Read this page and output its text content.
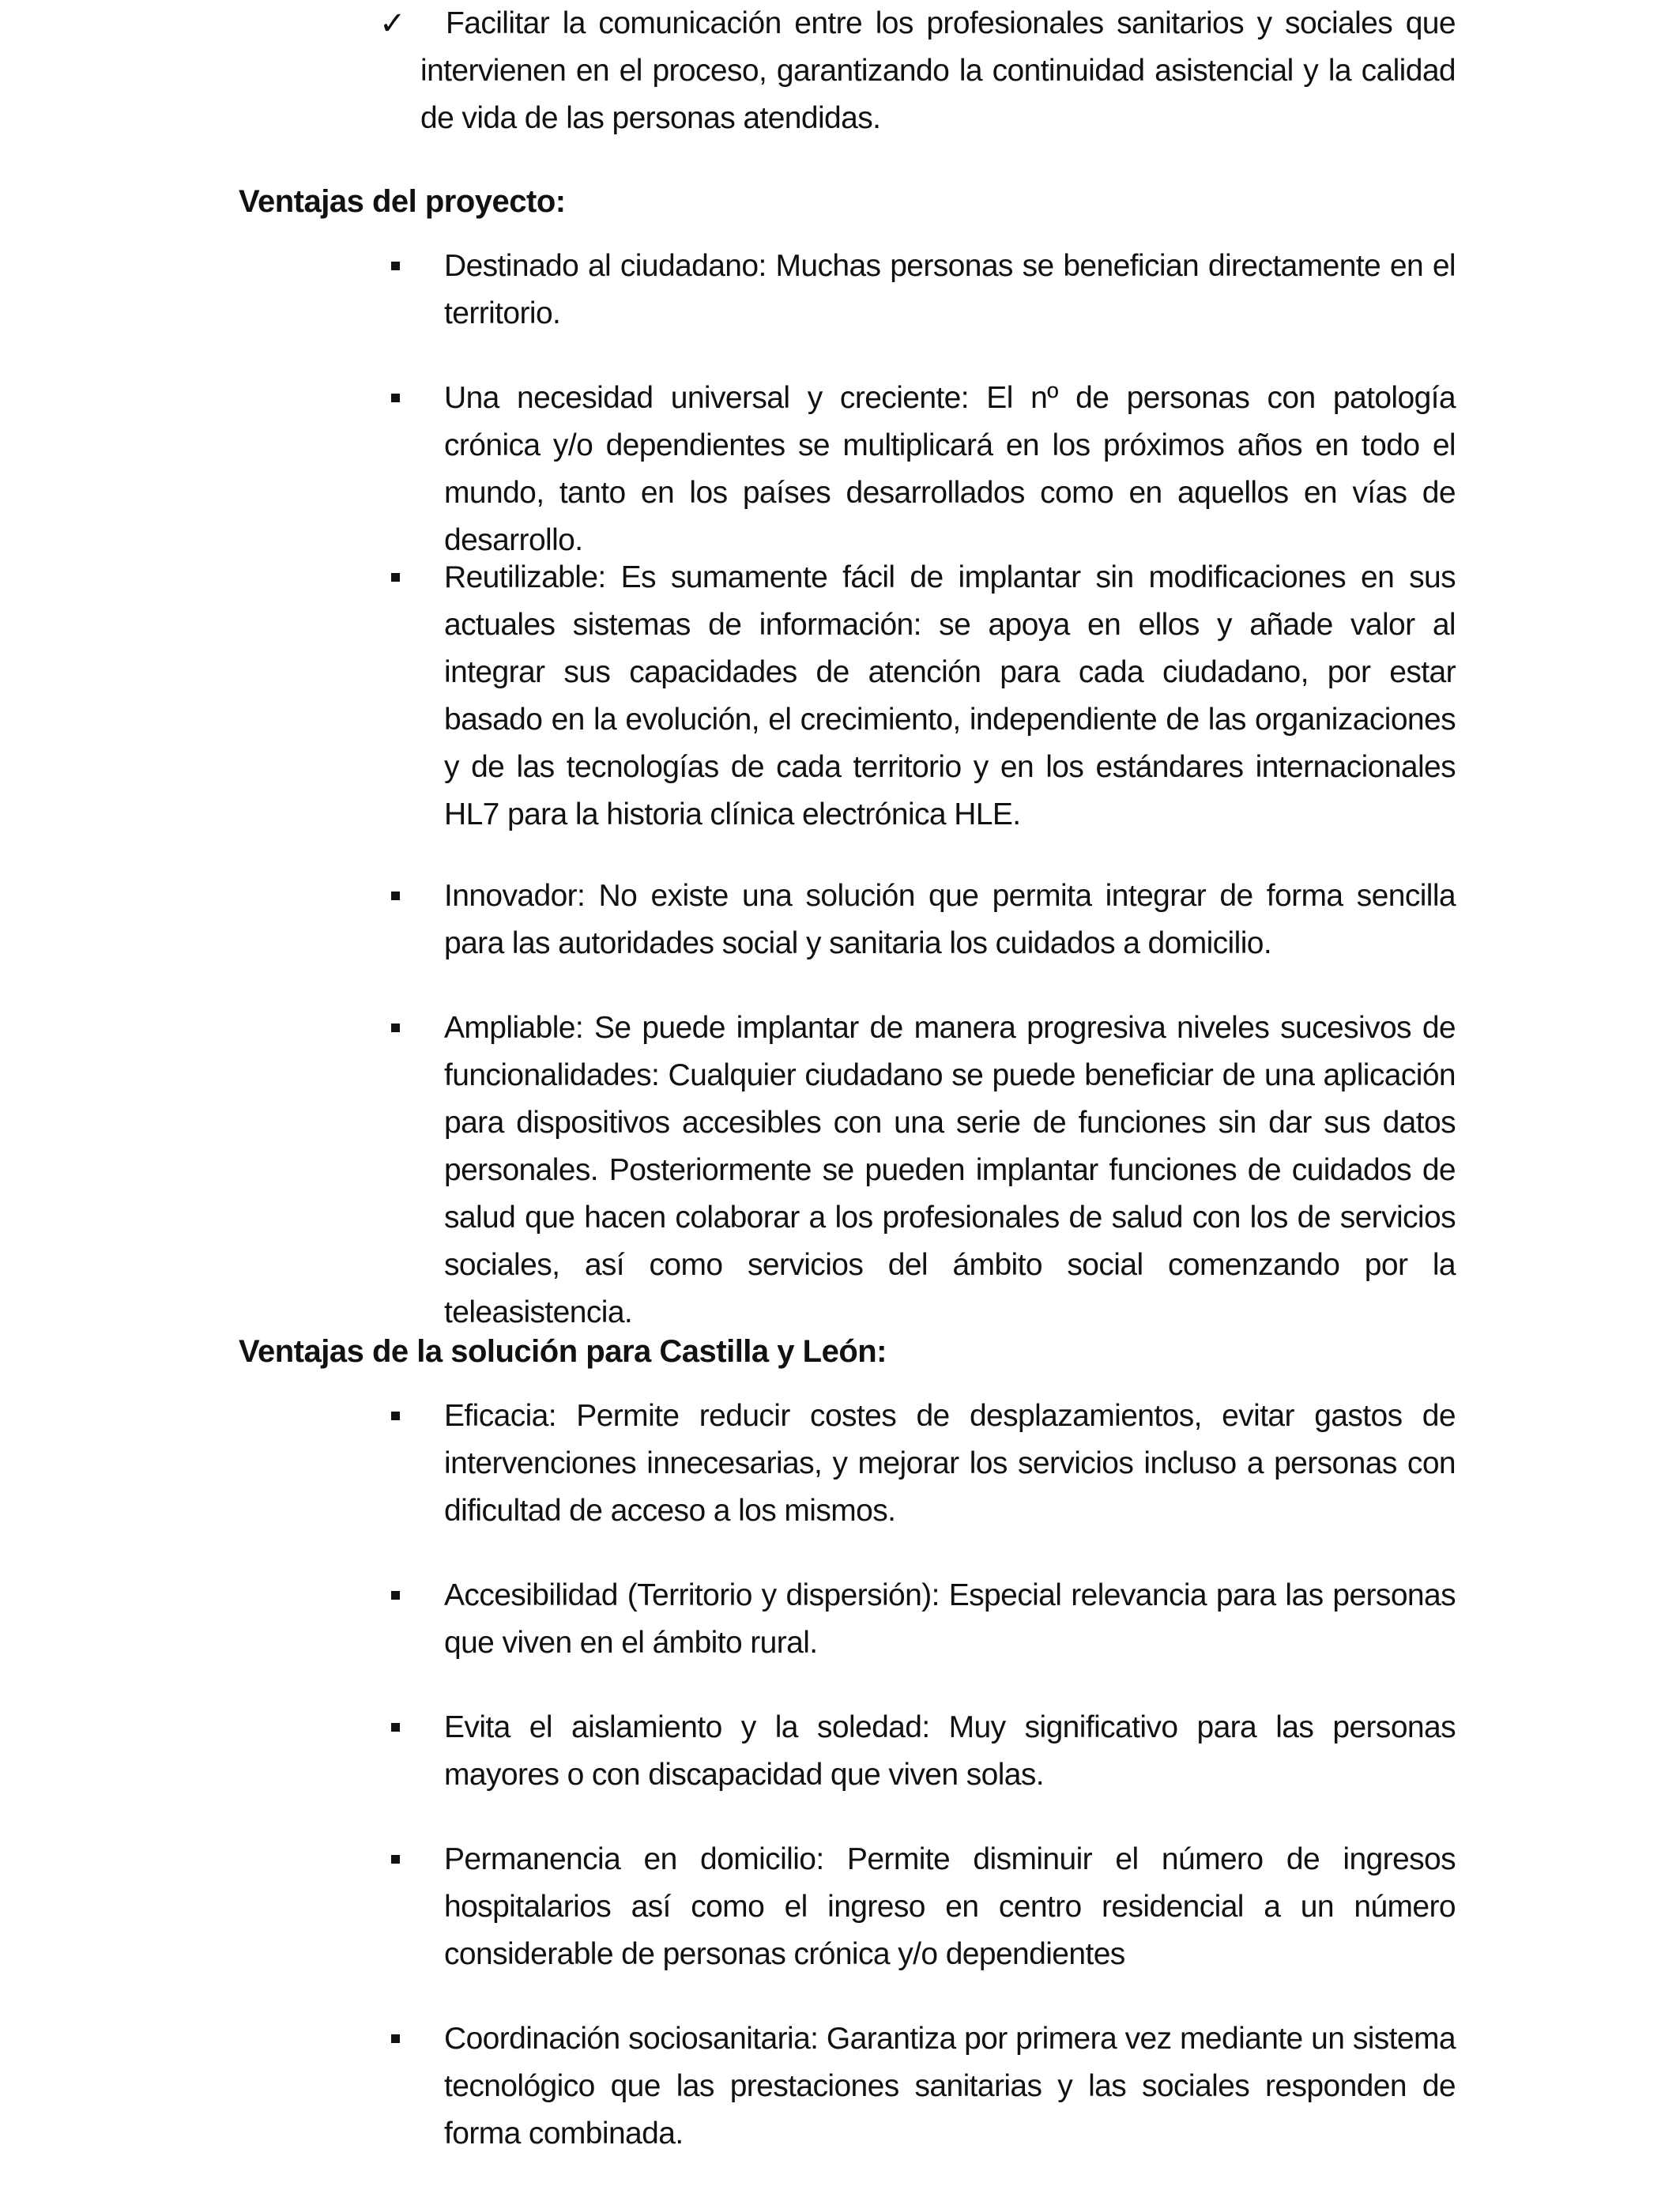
✓	Facilitar la comunicación entre los profesionales sanitarios y sociales que intervienen en el proceso, garantizando la continuidad asistencial y la calidad de vida de las personas atendidas.

Ventajas del proyecto:

Destinado al ciudadano: Muchas personas se benefician directamente en el territorio.

Una necesidad universal y creciente: El nº de personas con patología crónica y/o dependientes se multiplicará en los próximos años en todo el mundo, tanto en los países desarrollados como en aquellos en vías de desarrollo.

Reutilizable: Es sumamente fácil de implantar sin modificaciones en sus actuales sistemas de información: se apoya en ellos y añade valor al integrar sus capacidades de atención para cada ciudadano, por estar basado en la evolución, el crecimiento, independiente de las organizaciones y de las tecnologías de cada territorio y en los estándares internacionales HL7 para la historia clínica electrónica HLE.

Innovador: No existe una solución que permita integrar de forma sencilla para las autoridades social y sanitaria los cuidados a domicilio.

Ampliable: Se puede implantar de manera progresiva niveles sucesivos de funcionalidades: Cualquier ciudadano se puede beneficiar de una aplicación para dispositivos accesibles con una serie de funciones sin dar sus datos personales. Posteriormente se pueden implantar funciones de cuidados de salud que hacen colaborar a los profesionales de salud con los de servicios sociales, así como servicios del ámbito social comenzando por la teleasistencia.

Ventajas de la solución para Castilla y León:

Eficacia: Permite reducir costes de desplazamientos, evitar gastos de intervenciones innecesarias, y mejorar los servicios incluso a personas con dificultad de acceso a los mismos.

Accesibilidad (Territorio y dispersión): Especial relevancia para las personas que viven en el ámbito rural.

Evita el aislamiento y la soledad: Muy significativo para las personas mayores o con discapacidad que viven solas.

Permanencia en domicilio: Permite disminuir el número de ingresos hospitalarios así como el ingreso en centro residencial a un número considerable de personas crónica y/o dependientes

Coordinación sociosanitaria: Garantiza por primera vez mediante un sistema tecnológico que las prestaciones sanitarias y las sociales responden de forma combinada.
